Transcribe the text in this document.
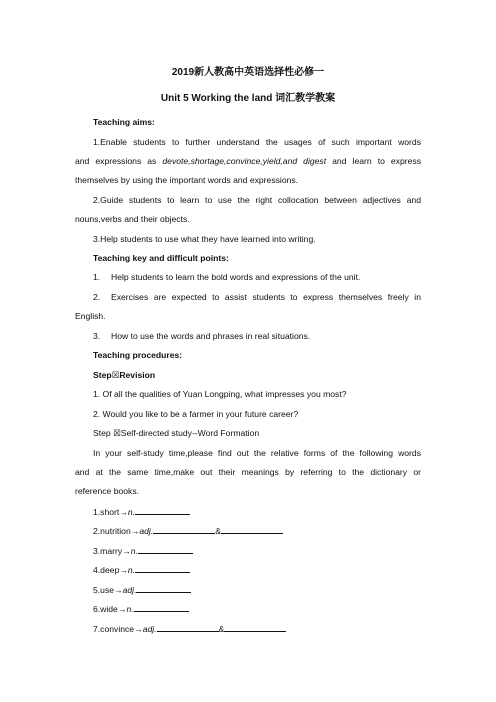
2019新人教高中英语选择性必修一
Unit 5 Working the land 词汇教学教案
Teaching aims:
1.Enable students to further understand the usages of such important words
and expressions as devote,shortage,convince,yield,and digest and learn to express
themselves by using the important words and expressions.
2.Guide students to learn to use the right collocation between adjectives and
nouns,verbs and their objects.
3.Help students to use what they have learned into writing.
Teaching key and difficult points:
1. Help students to learn the bold words and expressions of the unit.
2. Exercises are expected to assist students to express themselves freely in
English.
3. How to use the words and phrases in real situations.
Teaching procedures:
Step☒Revision
1. Of all the qualities of Yuan Longping, what impresses you most?
2. Would you like to be a farmer in your future career?
Step ☒Self-directed study--Word Formation
In your self-study time,please find out the relative forms of the following words
and at the same time,make out their meanings by referring to the dictionary or
reference books.
1.short→n.
2.nutrition→adj.	&
3.marry→n.
4.deep→n.
5.use→adj.
6.wide→n.
7.convince→adj.	&
